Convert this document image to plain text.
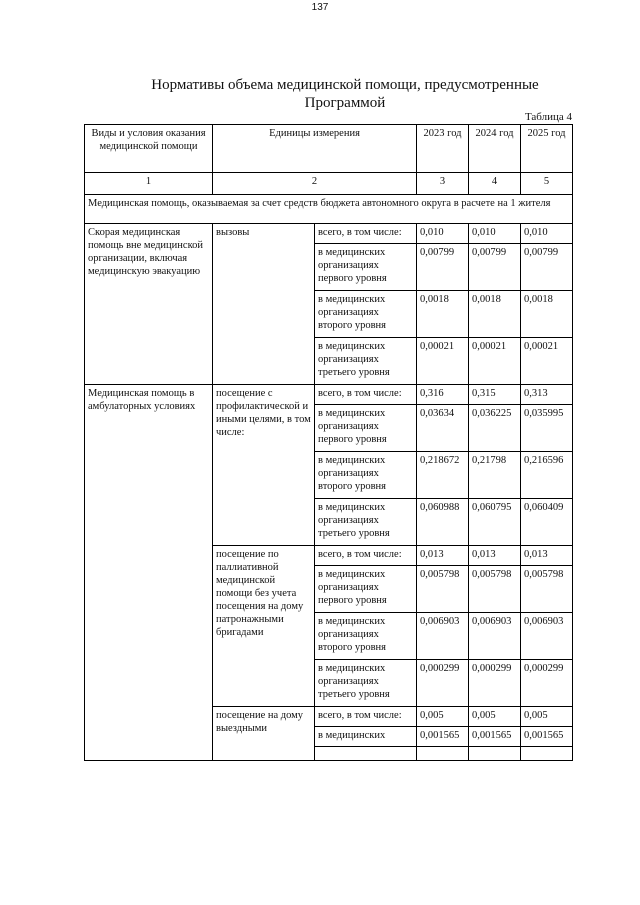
137
Нормативы объема медицинской помощи, предусмотренные Программой
Таблица 4
Виды и условия оказания медицинской помощи	Единицы измерения		2023 год	2024 год	2025 год
1	2		3	4	5
Медицинская помощь, оказываемая за счет средств бюджета автономного округа в расчете на 1 жителя					
Скорая медицинская помощь вне медицинской организации, включая медицинскую эвакуацию	вызовы	всего, в том числе:	0,010	0,010	0,010
		в медицинских организациях первого уровня	0,00799	0,00799	0,00799
		в медицинских организациях второго уровня	0,0018	0,0018	0,0018
		в медицинских организациях третьего уровня	0,00021	0,00021	0,00021
Медицинская помощь в амбулаторных условиях	посещение с профилактической и иными целями, в том числе:	всего, в том числе:	0,316	0,315	0,313
		в медицинских организациях первого уровня	0,03634	0,036225	0,035995
		в медицинских организациях второго уровня	0,218672	0,21798	0,216596
		в медицинских организациях третьего уровня	0,060988	0,060795	0,060409
	посещение по паллиативной медицинской помощи без учета посещения на дому патронажными бригадами	всего, в том числе:	0,013	0,013	0,013
		в медицинских организациях первого уровня	0,005798	0,005798	0,005798
		в медицинских организациях второго уровня	0,006903	0,006903	0,006903
		в медицинских организациях третьего уровня	0,000299	0,000299	0,000299
	посещение на дому выездными	всего, в том числе:	0,005	0,005	0,005
		в медицинских	0,001565	0,001565	0,001565
